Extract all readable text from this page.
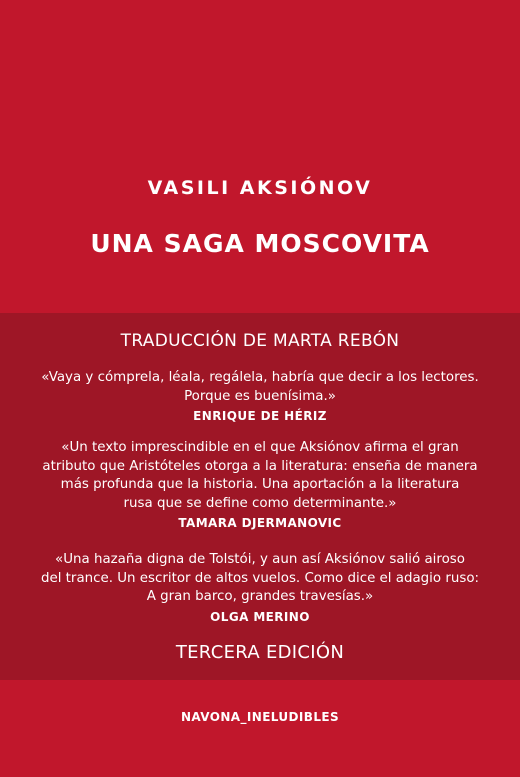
VASILI AKSIÓNOV
UNA SAGA MOSCOVITA
TRADUCCIÓN DE MARTA REBÓN
«Vaya y cómprela, léala, regálela, habría que decir a los lectores.
Porque es buenísima.»
ENRIQUE DE HÉRIZ
«Un texto imprescindible en el que Aksiónov afirma el gran
atributo que Aristóteles otorga a la literatura: enseña de manera
más profunda que la historia. Una aportación a la literatura
rusa que se define como determinante.»
TAMARA DJERMANOVIC
«Una hazaña digna de Tolstói, y aun así Aksiónov salió airoso
del trance. Un escritor de altos vuelos. Como dice el adagio ruso:
A gran barco, grandes travesías.»
OLGA MERINO
TERCERA EDICIÓN
NAVONA_INELUDIBLES
